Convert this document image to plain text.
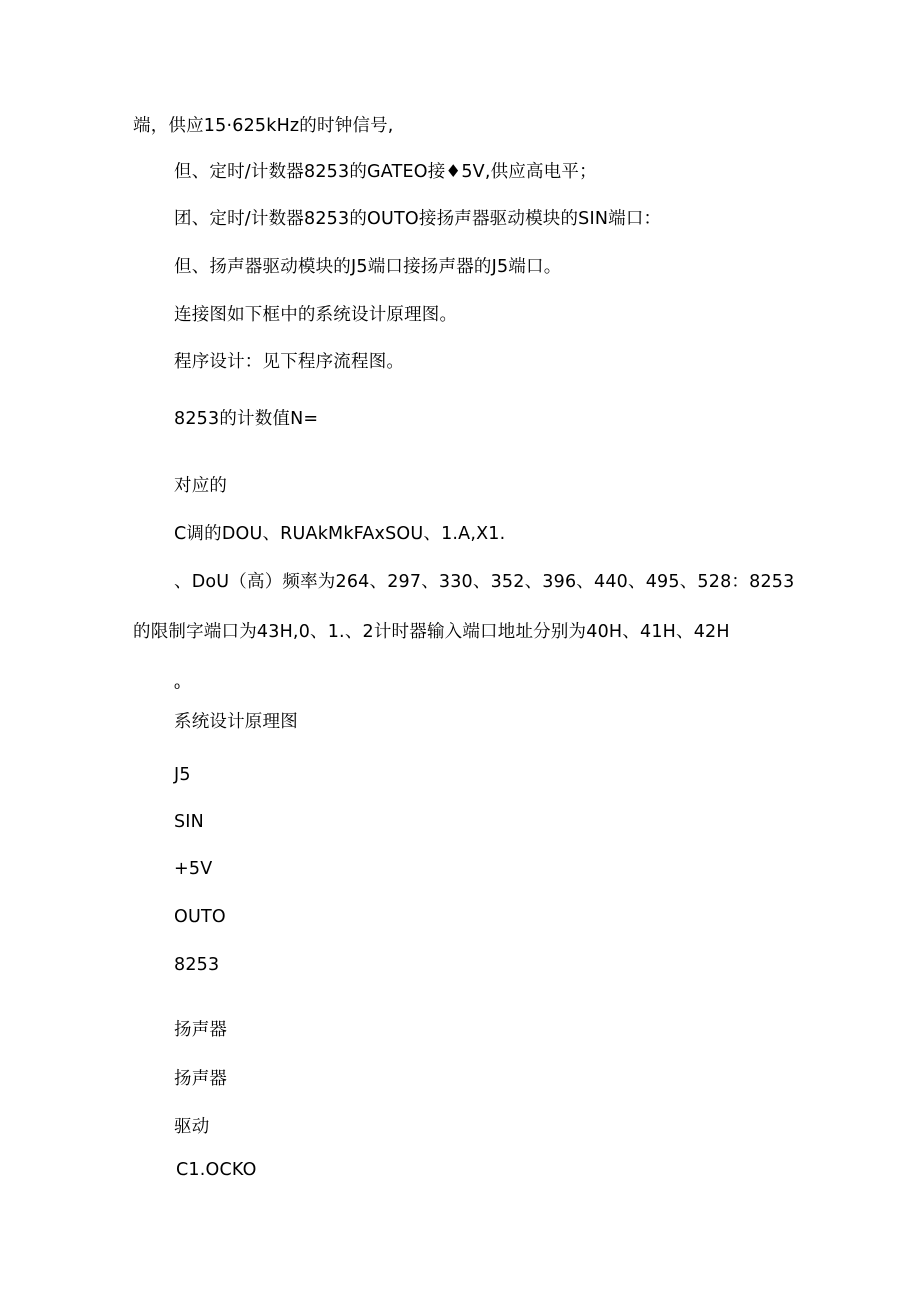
端，供应15·625kHz的时钟信号,
但、定时/计数器8253的GATEO接♦5V,供应高电平；
团、定时/计数器8253的OUTO接扬声器驱动模块的SIN端口：
但、扬声器驱动模块的J5端口接扬声器的J5端口。
连接图如下框中的系统设计原理图。
程序设计：见下程序流程图。
8253的计数值N=
对应的
C调的DOU、RUAkMkFAxSOU、1.A,X1.
、DoU（高）频率为264、297、330、352、396、440、495、528：8253
的限制字端口为43H,0、1.、2计时器输入端口地址分别为40H、41H、42H
o
系统设计原理图
J5
SIN
+5V
OUTO
8253
扬声器
扬声器
驱动
C1.OCKO
